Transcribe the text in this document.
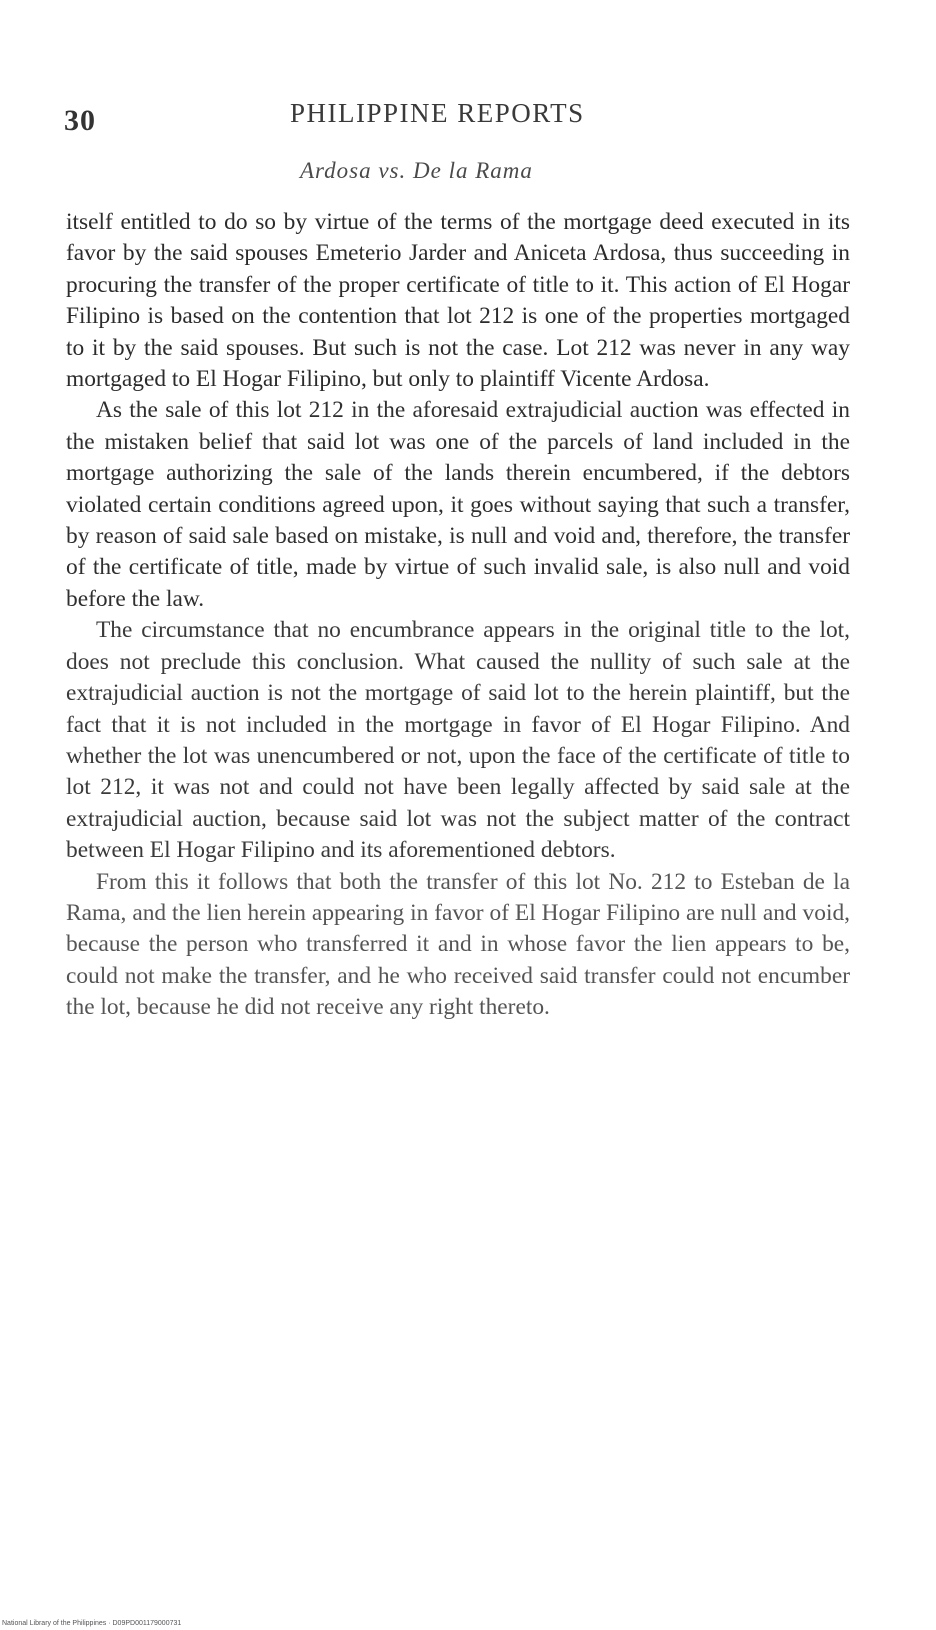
30	PHILIPPINE REPORTS
Ardosa vs. De la Rama

itself entitled to do so by virtue of the terms of the mortgage deed executed in its favor by the said spouses Emeterio Jarder and Aniceta Ardosa, thus succeeding in procuring the transfer of the proper certificate of title to it. This action of El Hogar Filipino is based on the contention that lot 212 is one of the properties mortgaged to it by the said spouses. But such is not the case. Lot 212 was never in any way mortgaged to El Hogar Filipino, but only to plaintiff Vicente Ardosa.

As the sale of this lot 212 in the aforesaid extrajudicial auction was effected in the mistaken belief that said lot was one of the parcels of land included in the mortgage authorizing the sale of the lands therein encumbered, if the debtors violated certain conditions agreed upon, it goes without saying that such a transfer, by reason of said sale based on mistake, is null and void and, therefore, the transfer of the certificate of title, made by virtue of such invalid sale, is also null and void before the law.

The circumstance that no encumbrance appears in the original title to the lot, does not preclude this conclusion. What caused the nullity of such sale at the extrajudicial auction is not the mortgage of said lot to the herein plaintiff, but the fact that it is not included in the mortgage in favor of El Hogar Filipino. And whether the lot was unencumbered or not, upon the face of the certificate of title to lot 212, it was not and could not have been legally affected by said sale at the extrajudicial auction, because said lot was not the subject matter of the contract between El Hogar Filipino and its aforementioned debtors.

From this it follows that both the transfer of this lot No. 212 to Esteban de la Rama, and the lien herein appearing in favor of El Hogar Filipino are null and void, because the person who transferred it and in whose favor the lien appears to be, could not make the transfer, and he who received said transfer could not encumber the lot, because he did not receive any right thereto.

National Library of the Philippines · D09PD001179000731
